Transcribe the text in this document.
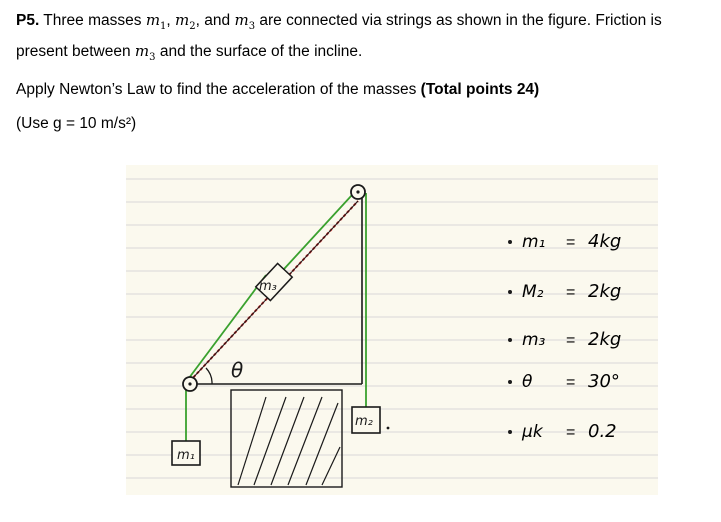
P5. Three masses $m_1$, $m_2$, and $m_3$ are connected via strings as shown in the figure. Friction is present between $m_3$ and the surface of the incline.

Apply Newton’s Law to find the acceleration of the masses (Total points 24)

(Use g = 10 m/s²)

m₃
θ
m₁
m₂
m₁ = 4kg
M₂ = 2kg
m₃ = 2kg
θ = 30°
μk = 0.2
